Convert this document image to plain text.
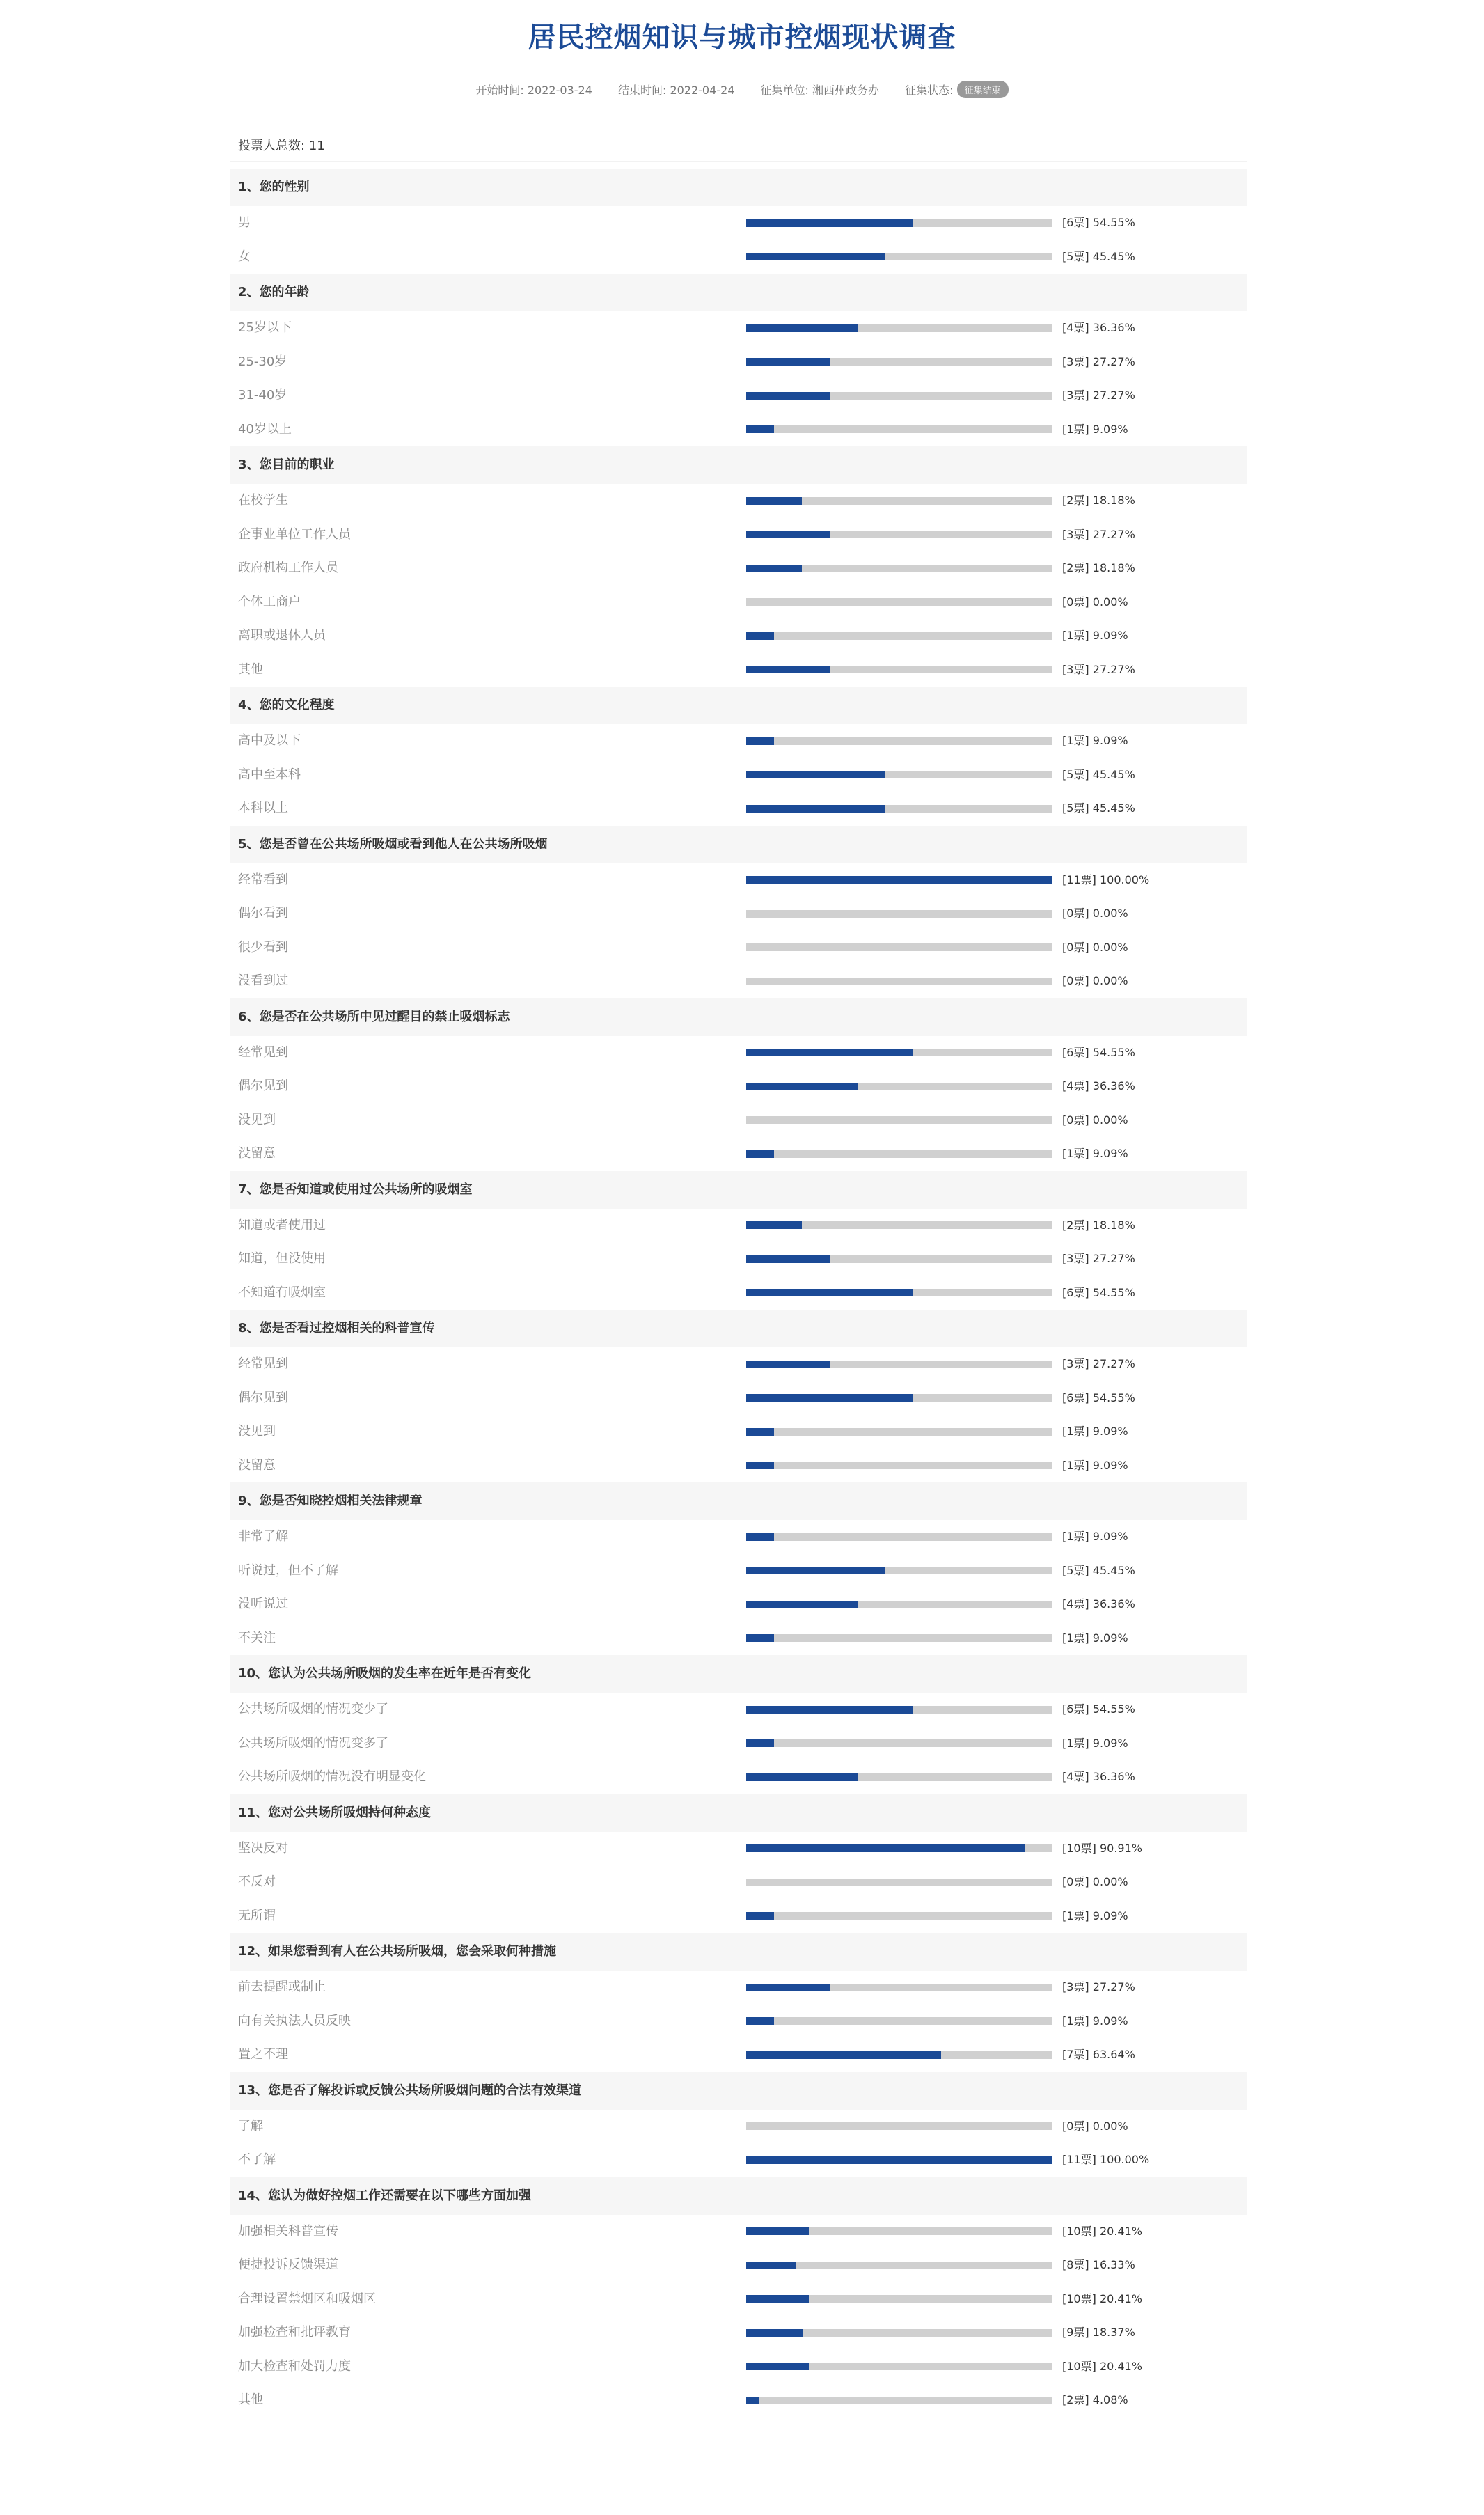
居民控烟知识与城市控烟现状调查
开始时间: 2022-03-24 结束时间: 2022-04-24 征集单位: 湘西州政务办 征集状态: 征集结束
投票人总数: 11
1、您的性别
男	[6票] 54.55%
女	[5票] 45.45%
2、您的年龄
25岁以下	[4票] 36.36%
25-30岁	[3票] 27.27%
31-40岁	[3票] 27.27%
40岁以上	[1票] 9.09%
3、您目前的职业
在校学生	[2票] 18.18%
企事业单位工作人员	[3票] 27.27%
政府机构工作人员	[2票] 18.18%
个体工商户	[0票] 0.00%
离职或退休人员	[1票] 9.09%
其他	[3票] 27.27%
4、您的文化程度
高中及以下	[1票] 9.09%
高中至本科	[5票] 45.45%
本科以上	[5票] 45.45%
5、您是否曾在公共场所吸烟或看到他人在公共场所吸烟
经常看到	[11票] 100.00%
偶尔看到	[0票] 0.00%
很少看到	[0票] 0.00%
没看到过	[0票] 0.00%
6、您是否在公共场所中见过醒目的禁止吸烟标志
经常见到	[6票] 54.55%
偶尔见到	[4票] 36.36%
没见到	[0票] 0.00%
没留意	[1票] 9.09%
7、您是否知道或使用过公共场所的吸烟室
知道或者使用过	[2票] 18.18%
知道，但没使用	[3票] 27.27%
不知道有吸烟室	[6票] 54.55%
8、您是否看过控烟相关的科普宣传
经常见到	[3票] 27.27%
偶尔见到	[6票] 54.55%
没见到	[1票] 9.09%
没留意	[1票] 9.09%
9、您是否知晓控烟相关法律规章
非常了解	[1票] 9.09%
听说过，但不了解	[5票] 45.45%
没听说过	[4票] 36.36%
不关注	[1票] 9.09%
10、您认为公共场所吸烟的发生率在近年是否有变化
公共场所吸烟的情况变少了	[6票] 54.55%
公共场所吸烟的情况变多了	[1票] 9.09%
公共场所吸烟的情况没有明显变化	[4票] 36.36%
11、您对公共场所吸烟持何种态度
坚决反对	[10票] 90.91%
不反对	[0票] 0.00%
无所谓	[1票] 9.09%
12、如果您看到有人在公共场所吸烟，您会采取何种措施
前去提醒或制止	[3票] 27.27%
向有关执法人员反映	[1票] 9.09%
置之不理	[7票] 63.64%
13、您是否了解投诉或反馈公共场所吸烟问题的合法有效渠道
了解	[0票] 0.00%
不了解	[11票] 100.00%
14、您认为做好控烟工作还需要在以下哪些方面加强
加强相关科普宣传	[10票] 20.41%
便捷投诉反馈渠道	[8票] 16.33%
合理设置禁烟区和吸烟区	[10票] 20.41%
加强检查和批评教育	[9票] 18.37%
加大检查和处罚力度	[10票] 20.41%
其他	[2票] 4.08%
